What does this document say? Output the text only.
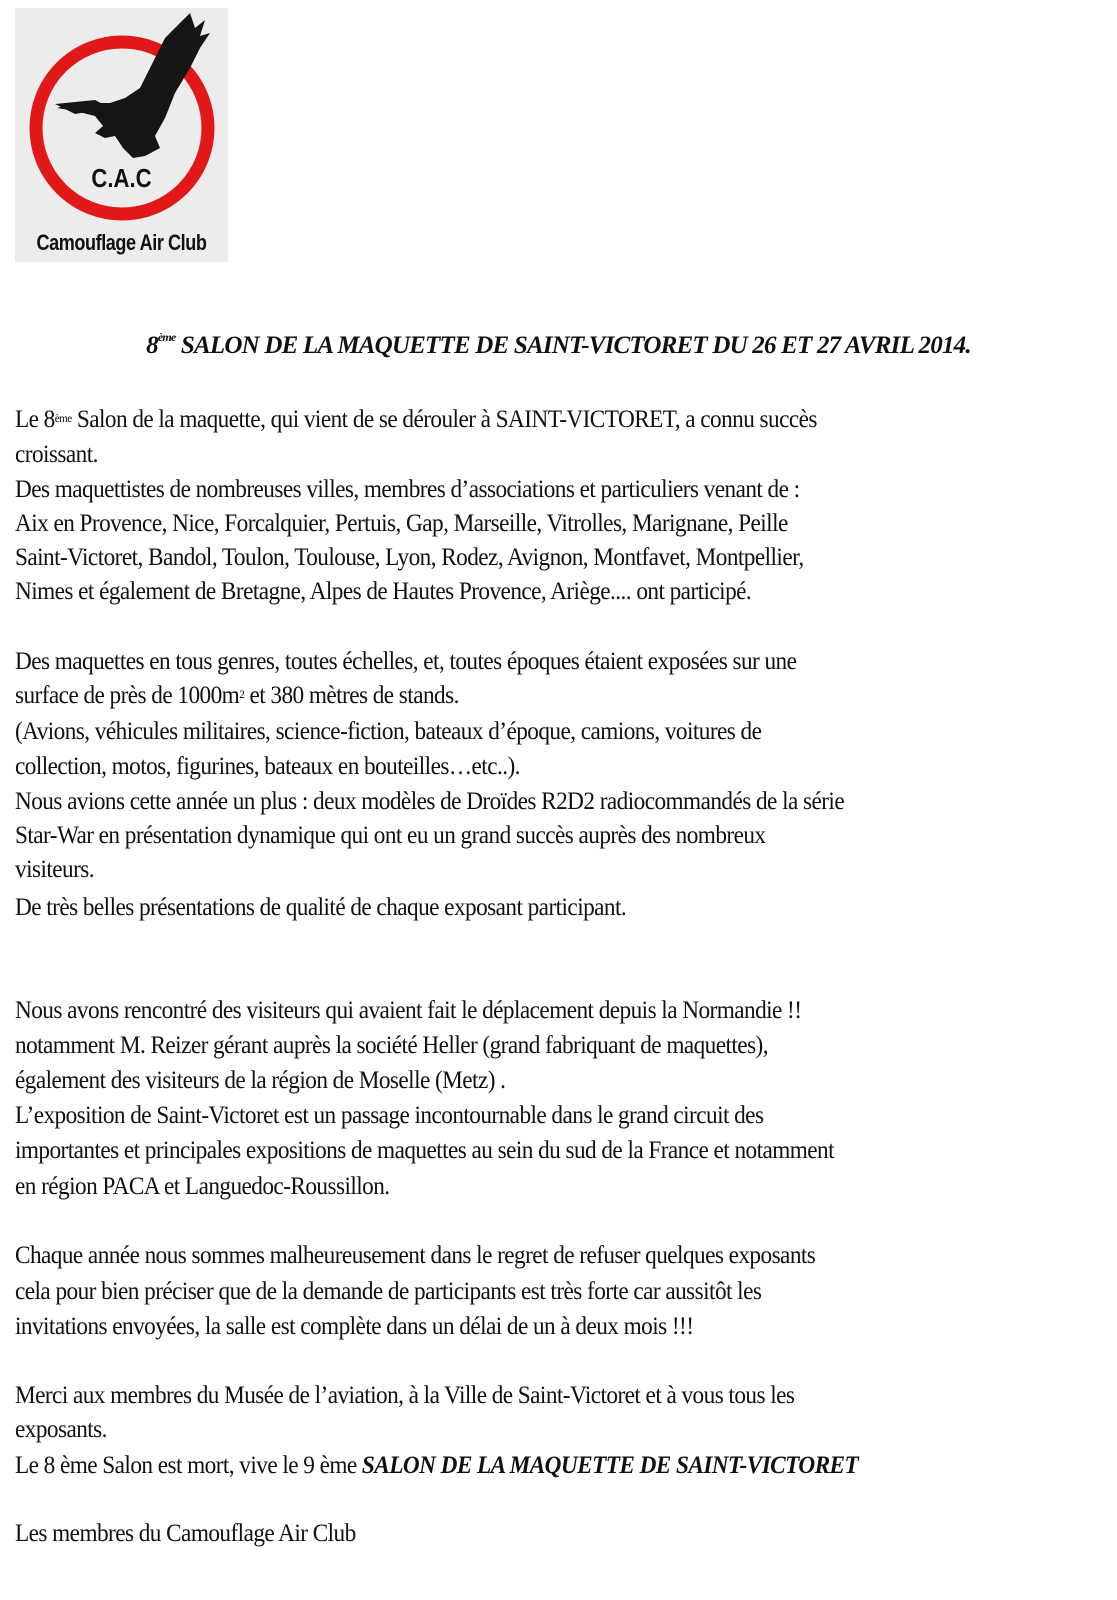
C.A.C
Camouflage Air Club
8ème SALON DE LA MAQUETTE DE SAINT-VICTORET DU 26 ET 27 AVRIL 2014.
Le 8ème Salon de la maquette, qui vient de se dérouler à SAINT-VICTORET, a connu succès
croissant.
Des maquettistes de nombreuses villes, membres d’associations et particuliers venant de :
Aix en Provence, Nice, Forcalquier, Pertuis, Gap, Marseille, Vitrolles, Marignane, Peille
Saint-Victoret, Bandol, Toulon, Toulouse, Lyon, Rodez, Avignon, Montfavet, Montpellier,
Nimes et également de Bretagne, Alpes de Hautes Provence, Ariège.... ont participé.
Des maquettes en tous genres, toutes échelles, et, toutes époques étaient exposées sur une
surface de près de $1000m^2$ et 380 mètres de stands.
(Avions, véhicules militaires, science-fiction, bateaux d’époque, camions, voitures de
collection, motos, figurines, bateaux en bouteilles…etc..).
Nous avions cette année un plus : deux modèles de Droïdes R2D2 radiocommandés de la série
Star-War en présentation dynamique qui ont eu un grand succès auprès des nombreux
visiteurs.
De très belles présentations de qualité de chaque exposant participant.
Nous avons rencontré des visiteurs qui avaient fait le déplacement depuis la Normandie !!
notamment M. Reizer gérant auprès la société Heller (grand fabriquant de maquettes),
également des visiteurs de la région de Moselle (Metz) .
L’exposition de Saint-Victoret est un passage incontournable dans le grand circuit des
importantes et principales expositions de maquettes au sein du sud de la France et notamment
en région PACA et Languedoc-Roussillon.
Chaque année nous sommes malheureusement dans le regret de refuser quelques exposants
cela pour bien préciser que de la demande de participants est très forte car aussitôt les
invitations envoyées, la salle est complète dans un délai de un à deux mois !!!
Merci aux membres du Musée de l’aviation, à la Ville de Saint-Victoret et à vous tous les
exposants.
Le 8 ème Salon est mort, vive le 9 ème SALON DE LA MAQUETTE DE SAINT-VICTORET
Les membres du Camouflage Air Club
